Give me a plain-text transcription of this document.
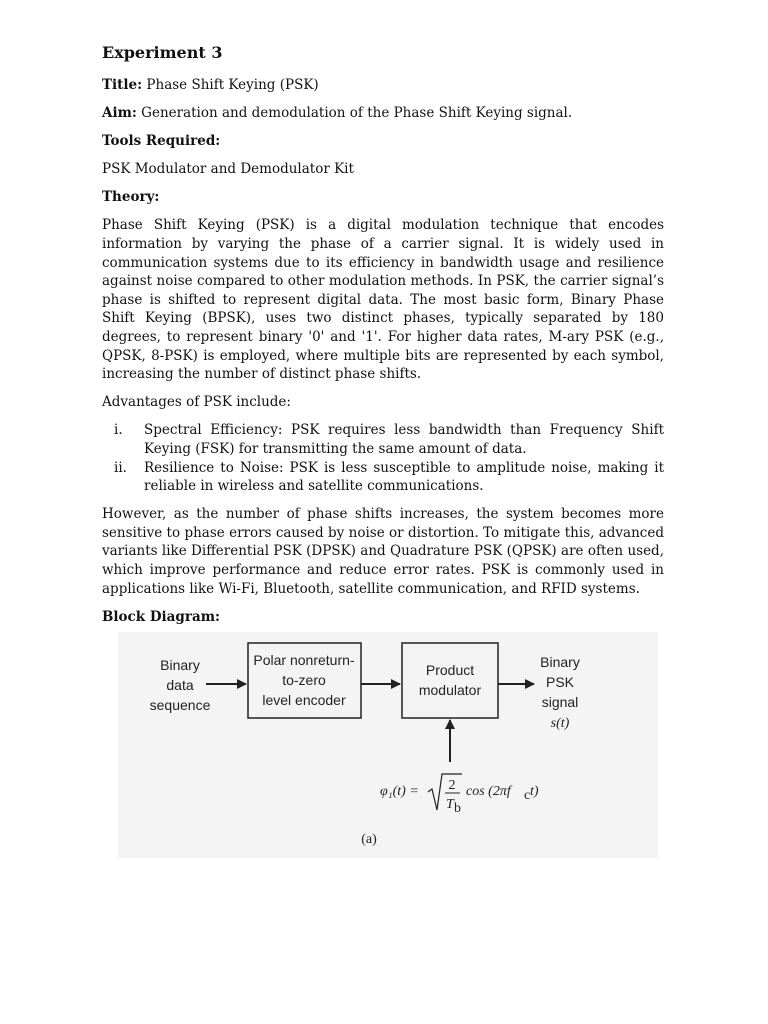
Experiment 3

Title: Phase Shift Keying (PSK)

Aim: Generation and demodulation of the Phase Shift Keying signal.

Tools Required:

PSK Modulator and Demodulator Kit

Theory:

Phase Shift Keying (PSK) is a digital modulation technique that encodes information by varying the phase of a carrier signal. It is widely used in communication systems due to its efficiency in bandwidth usage and resilience against noise compared to other modulation methods. In PSK, the carrier signal’s phase is shifted to represent digital data. The most basic form, Binary Phase Shift Keying (BPSK), uses two distinct phases, typically separated by 180 degrees, to represent binary '0' and '1'. For higher data rates, M-ary PSK (e.g., QPSK, 8-PSK) is employed, where multiple bits are represented by each symbol, increasing the number of distinct phase shifts.

Advantages of PSK include:

i.	Spectral Efficiency: PSK requires less bandwidth than Frequency Shift Keying (FSK) for transmitting the same amount of data.
ii.	Resilience to Noise: PSK is less susceptible to amplitude noise, making it reliable in wireless and satellite communications.

However, as the number of phase shifts increases, the system becomes more sensitive to phase errors caused by noise or distortion. To mitigate this, advanced variants like Differential PSK (DPSK) and Quadrature PSK (QPSK) are often used, which improve performance and reduce error rates. PSK is commonly used in applications like Wi-Fi, Bluetooth, satellite communication, and RFID systems.

Block Diagram:

Binary
data
sequence
Polar nonreturn-
to-zero
level encoder
Product
modulator
Binary
PSK
signal
s(t)
φ₁(t) = 2
T b
cos (2πf c t)
(a)
